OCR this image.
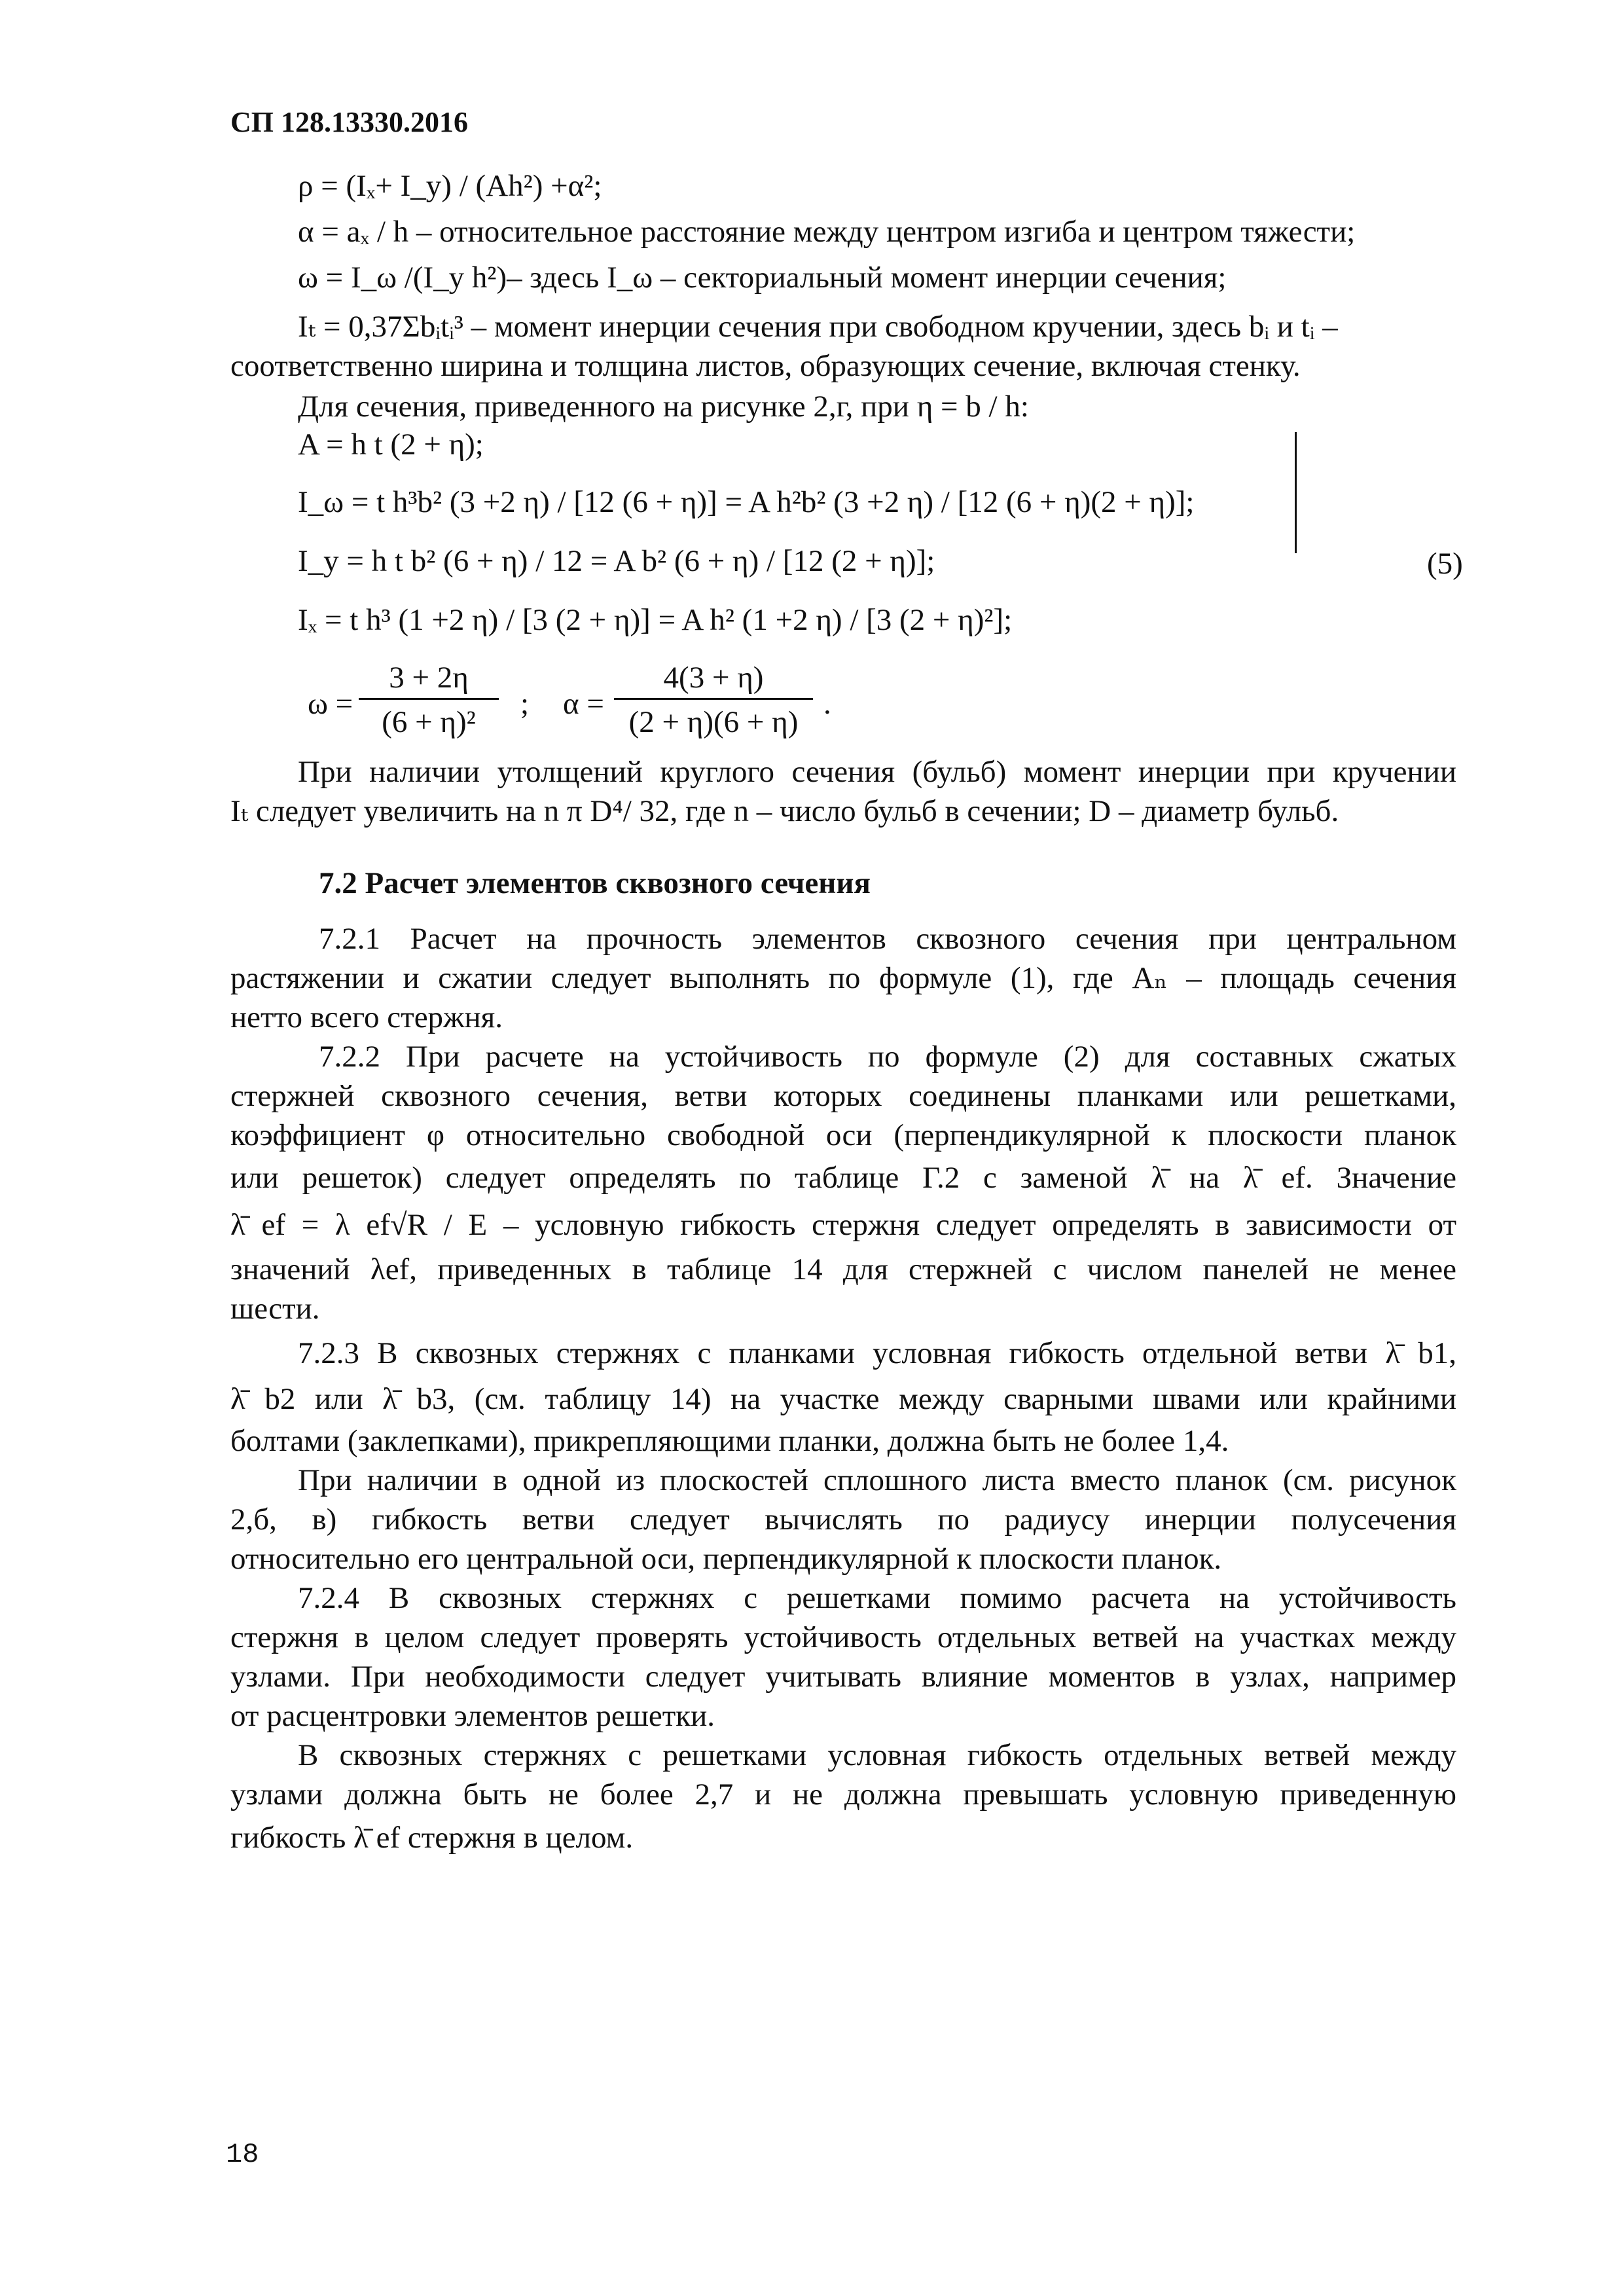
СП 128.13330.2016
ρ = (Iₓ+ I_y) / (Ah²) +α²;
α = aₓ / h – относительное расстояние между центром изгиба и центром тяжести;
ω = I_ω /(I_y h²)– здесь I_ω – секториальный момент инерции сечения;
Iₜ = 0,37Σbᵢtᵢ³ – момент инерции сечения при свободном кручении, здесь bᵢ и tᵢ –
соответственно ширина и толщина листов, образующих сечение, включая стенку.
Для сечения, приведенного на рисунке 2,г, при η = b / h:
A = h t (2 + η);
I_ω = t h³b² (3 +2 η) / [12 (6 + η)] = A h²b² (3 +2 η) / [12 (6 + η)(2 + η)];
I_y = h t b² (6 + η) / 12 = A b² (6 + η) / [12 (2 + η)];
Iₓ = t h³ (1 +2 η) / [3 (2 + η)] = A h² (1 +2 η) / [3 (2 + η)²];
(5)
ω =
3 + 2η
(6 + η)²
; α =
4(3 + η)
(2 + η)(6 + η)
.
При наличии утолщений круглого сечения (бульб) момент инерции при кручении
Iₜ следует увеличить на n π D⁴/ 32, где n – число бульб в сечении; D – диаметр бульб.
7.2 Расчет элементов сквозного сечения
7.2.1 Расчет на прочность элементов сквозного сечения при центральном
растяжении и сжатии следует выполнять по формуле (1), где Aₙ – площадь сечения
нетто всего стержня.
7.2.2 При расчете на устойчивость по формуле (2) для составных сжатых
стержней сквозного сечения, ветви которых соединены планками или решетками,
коэффициент φ относительно свободной оси (перпендикулярной к плоскости планок
или решеток) следует определять по таблице Г.2 с заменой λ̄ на λ̄ ef. Значение
λ̄ ef = λ ef√R / E – условную гибкость стержня следует определять в зависимости от
значений λef, приведенных в таблице 14 для стержней с числом панелей не менее
шести.
7.2.3 В сквозных стержнях с планками условная гибкость отдельной ветви λ̄ b1,
λ̄ b2 или λ̄ b3, (см. таблицу 14) на участке между сварными швами или крайними
болтами (заклепками), прикрепляющими планки, должна быть не более 1,4.
При наличии в одной из плоскостей сплошного листа вместо планок (см. рисунок
2,б, в) гибкость ветви следует вычислять по радиусу инерции полусечения
относительно его центральной оси, перпендикулярной к плоскости планок.
7.2.4 В сквозных стержнях с решетками помимо расчета на устойчивость
стержня в целом следует проверять устойчивость отдельных ветвей на участках между
узлами. При необходимости следует учитывать влияние моментов в узлах, например
от расцентровки элементов решетки.
В сквозных стержнях с решетками условная гибкость отдельных ветвей между
узлами должна быть не более 2,7 и не должна превышать условную приведенную
гибкость λ̄ ef стержня в целом.
18
